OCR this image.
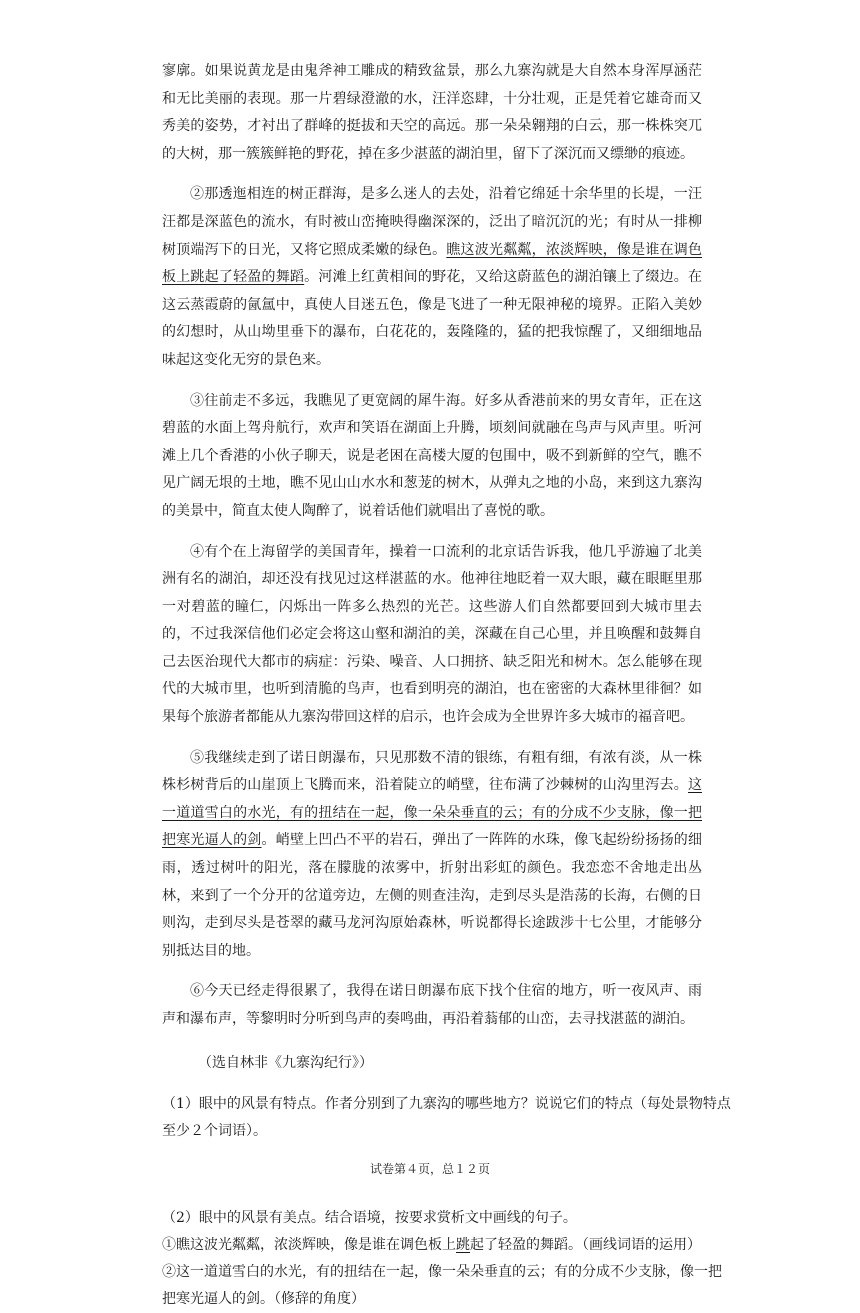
寥廓。如果说黄龙是由鬼斧神工雕成的精致盆景，那么九寨沟就是大自然本身浑厚涵茫和无比美丽的表现。那一片碧绿澄澈的水，汪洋恣肆，十分壮观，正是凭着它雄奇而又秀美的姿势，才衬出了群峰的挺拔和天空的高远。那一朵朵翱翔的白云，那一株株突兀的大树，那一簇簇鲜艳的野花，掉在多少湛蓝的湖泊里，留下了深沉而又缥缈的痕迹。

②那透迤相连的树正群海，是多么迷人的去处，沿着它绵延十余华里的长堤，一汪汪都是深蓝色的流水，有时被山峦掩映得幽深深的，泛出了暗沉沉的光；有时从一排柳树顶端泻下的日光，又将它照成柔嫩的绿色。瞧这波光粼粼，浓淡辉映，像是谁在调色板上跳起了轻盈的舞蹈。河滩上红黄相间的野花，又给这蔚蓝色的湖泊镶上了缀边。在这云蒸霞蔚的氤氲中，真使人目迷五色，像是飞进了一种无限神秘的境界。正陷入美妙的幻想时，从山坳里垂下的瀑布，白花花的，轰隆隆的，猛的把我惊醒了，又细细地品味起这变化无穷的景色来。

③往前走不多远，我瞧见了更宽阔的犀牛海。好多从香港前来的男女青年，正在这碧蓝的水面上驾舟航行，欢声和笑语在湖面上升腾，顷刻间就融在鸟声与风声里。听河滩上几个香港的小伙子聊天，说是老困在高楼大厦的包围中，吸不到新鲜的空气，瞧不见广阔无垠的土地，瞧不见山山水水和葱茏的树木，从弹丸之地的小岛，来到这九寨沟的美景中，简直太使人陶醉了，说着话他们就唱出了喜悦的歌。

④有个在上海留学的美国青年，操着一口流利的北京话告诉我，他几乎游遍了北美洲有名的湖泊，却还没有找见过这样湛蓝的水。他神往地眨着一双大眼，藏在眼眶里那一对碧蓝的瞳仁，闪烁出一阵多么热烈的光芒。这些游人们自然都要回到大城市里去的，不过我深信他们必定会将这山壑和湖泊的美，深藏在自己心里，并且唤醒和鼓舞自己去医治现代大都市的病症：污染、噪音、人口拥挤、缺乏阳光和树木。怎么能够在现代的大城市里，也听到清脆的鸟声，也看到明亮的湖泊，也在密密的大森林里徘徊？如果每个旅游者都能从九寨沟带回这样的启示，也许会成为全世界许多大城市的福音吧。

⑤我继续走到了诺日朗瀑布，只见那数不清的银练，有粗有细，有浓有淡，从一株株杉树背后的山崖顶上飞腾而来，沿着陡立的峭壁，往布满了沙棘树的山沟里泻去。这一道道雪白的水光，有的扭结在一起，像一朵朵垂直的云；有的分成不少支脉，像一把把寒光逼人的剑。峭壁上凹凸不平的岩石，弹出了一阵阵的水珠，像飞起纷纷扬扬的细雨，透过树叶的阳光，落在朦胧的浓雾中，折射出彩虹的颜色。我恋恋不舍地走出丛林，来到了一个分开的岔道旁边，左侧的则查洼沟，走到尽头是浩荡的长海，右侧的日则沟，走到尽头是苍翠的藏马龙河沟原始森林，听说都得长途跋涉十七公里，才能够分别抵达目的地。

⑥今天已经走得很累了，我得在诺日朗瀑布底下找个住宿的地方，听一夜风声、雨声和瀑布声，等黎明时分听到鸟声的奏鸣曲，再沿着蓊郁的山峦，去寻找湛蓝的湖泊。

（选自林非《九寨沟纪行》）
（1）眼中的风景有特点。作者分别到了九寨沟的哪些地方？说说它们的特点（每处景物特点至少２个词语）。
（2）眼中的风景有美点。结合语境，按要求赏析文中画线的句子。
①瞧这波光粼粼，浓淡辉映，像是谁在调色板上跳起了轻盈的舞蹈。（画线词语的运用）
②这一道道雪白的水光，有的扭结在一起，像一朵朵垂直的云；有的分成不少支脉，像一把把寒光逼人的剑。（修辞的角度）
试卷第４页，总１２页
